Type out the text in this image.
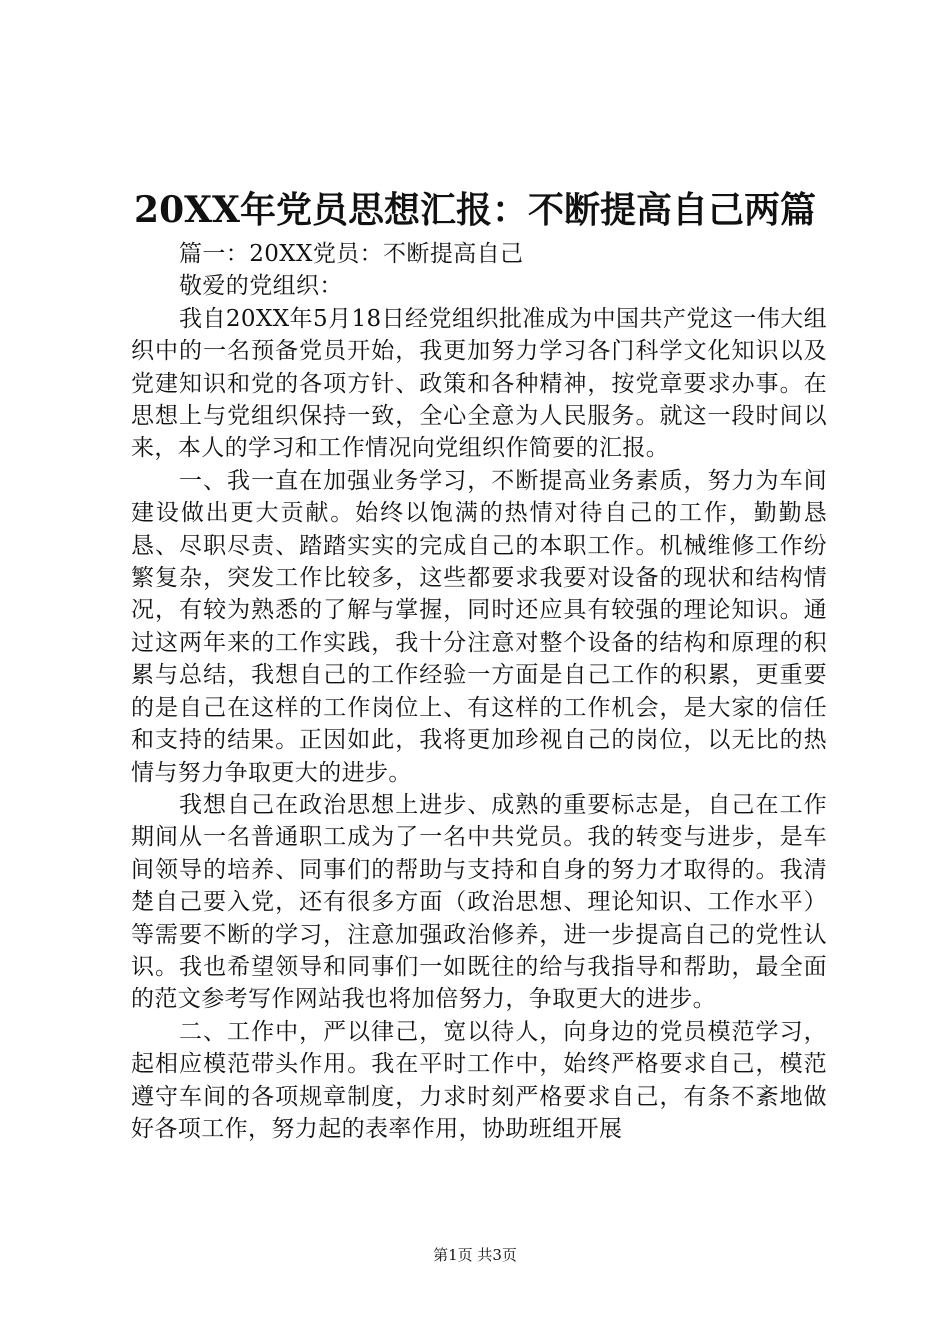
20XX年党员思想汇报：不断提高自己两篇

篇一：20XX党员：不断提高自己

敬爱的党组织：

我自20XX年5月18日经党组织批准成为中国共产党这一伟大组织中的一名预备党员开始，我更加努力学习各门科学文化知识以及党建知识和党的各项方针、政策和各种精神，按党章要求办事。在思想上与党组织保持一致，全心全意为人民服务。就这一段时间以来，本人的学习和工作情况向党组织作简要的汇报。

一、我一直在加强业务学习，不断提高业务素质，努力为车间建设做出更大贡献。始终以饱满的热情对待自己的工作，勤勤恳恳、尽职尽责、踏踏实实的完成自己的本职工作。机械维修工作纷繁复杂，突发工作比较多，这些都要求我要对设备的现状和结构情况，有较为熟悉的了解与掌握，同时还应具有较强的理论知识。通过这两年来的工作实践，我十分注意对整个设备的结构和原理的积累与总结，我想自己的工作经验一方面是自己工作的积累，更重要的是自己在这样的工作岗位上、有这样的工作机会，是大家的信任和支持的结果。正因如此，我将更加珍视自己的岗位，以无比的热情与努力争取更大的进步。

我想自己在政治思想上进步、成熟的重要标志是，自己在工作期间从一名普通职工成为了一名中共党员。我的转变与进步，是车间领导的培养、同事们的帮助与支持和自身的努力才取得的。我清楚自己要入党，还有很多方面（政治思想、理论知识、工作水平）等需要不断的学习，注意加强政治修养，进一步提高自己的党性认识。我也希望领导和同事们一如既往的给与我指导和帮助，最全面的范文参考写作网站我也将加倍努力，争取更大的进步。

二、工作中，严以律己，宽以待人，向身边的党员模范学习，起相应模范带头作用。我在平时工作中，始终严格要求自己，模范遵守车间的各项规章制度，力求时刻严格要求自己，有条不紊地做好各项工作，努力起的表率作用，协助班组开展

第1页 共3页
